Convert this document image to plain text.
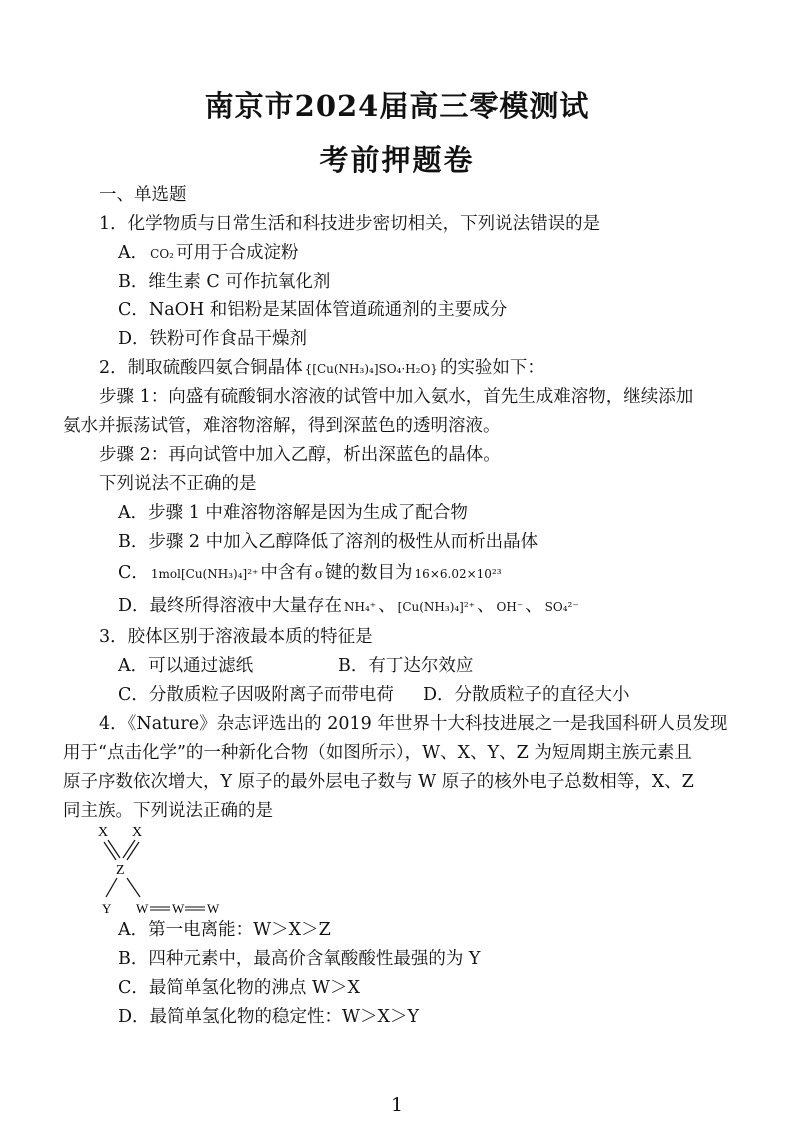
南京市2024届高三零模测试
考前押题卷
一、单选题
1．化学物质与日常生活和科技进步密切相关，下列说法错误的是
A． CO₂ 可用于合成淀粉
B．维生素 C 可作抗氧化剂
C．NaOH 和铝粉是某固体管道疏通剂的主要成分
D．铁粉可作食品干燥剂
2．制取硫酸四氨合铜晶体 {[Cu(NH₃)₄]SO₄·H₂O} 的实验如下：
步骤 1：向盛有硫酸铜水溶液的试管中加入氨水，首先生成难溶物，继续添加
氨水并振荡试管，难溶物溶解，得到深蓝色的透明溶液。
步骤 2：再向试管中加入乙醇，析出深蓝色的晶体。
下列说法不正确的是
A．步骤 1 中难溶物溶解是因为生成了配合物
B．步骤 2 中加入乙醇降低了溶剂的极性从而析出晶体
C． 1mol[Cu(NH₃)₄]²⁺ 中含有 σ 键的数目为 16×6.02×10²³
D．最终所得溶液中大量存在 NH₄⁺ 、 [Cu(NH₃)₄]²⁺ 、 OH⁻ 、 SO₄²⁻
3．胶体区别于溶液最本质的特征是
A．可以通过滤纸	B．有丁达尔效应
C．分散质粒子因吸附离子而带电荷 D．分散质粒子的直径大小
4．《Nature》杂志评选出的 2019 年世界十大科技进展之一是我国科研人员发现
用于“点击化学”的一种新化合物（如图所示），W、X、Y、Z 为短周期主族元素且
原子序数依次增大，Y 原子的最外层电子数与 W 原子的核外电子总数相等，X、Z
同主族。下列说法正确的是
X X
Z
Y W W W
A．第一电离能：W＞X＞Z
B．四种元素中，最高价含氧酸酸性最强的为 Y
C．最简单氢化物的沸点 W＞X
D．最简单氢化物的稳定性：W＞X＞Y
1
